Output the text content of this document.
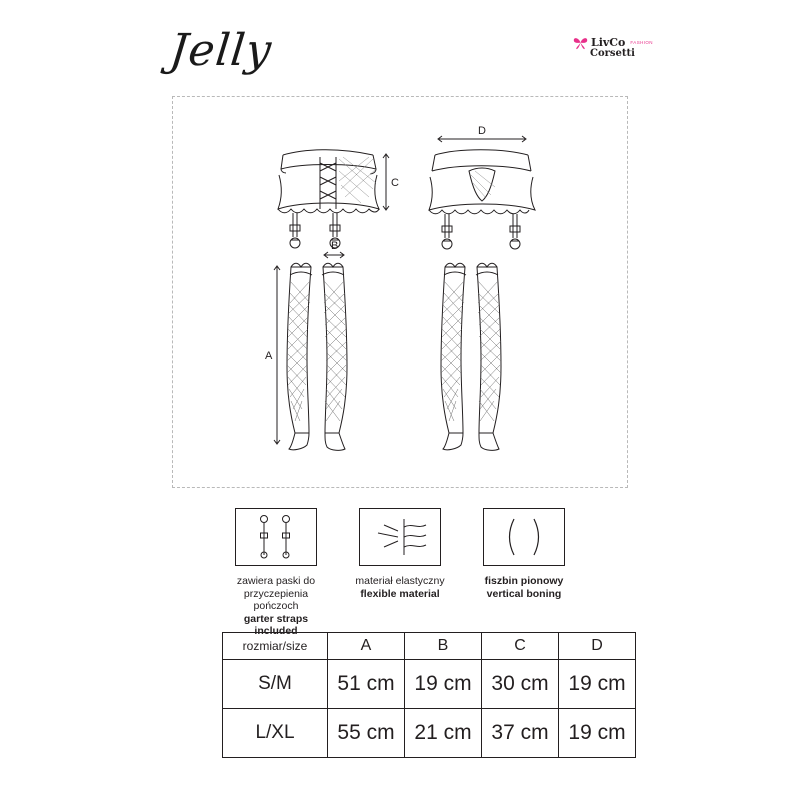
Jelly	LivCo FASHION
Corsetti
C
D
A
B
zawiera paski do
przyczepienia pończoch
garter straps included
materiał elastyczny
flexible material
fiszbin pionowy
vertical boning
rozmiar/size	A	B	C	D
S/M	51 cm	19 cm	30 cm	19 cm
L/XL	55 cm	21 cm	37 cm	19 cm
